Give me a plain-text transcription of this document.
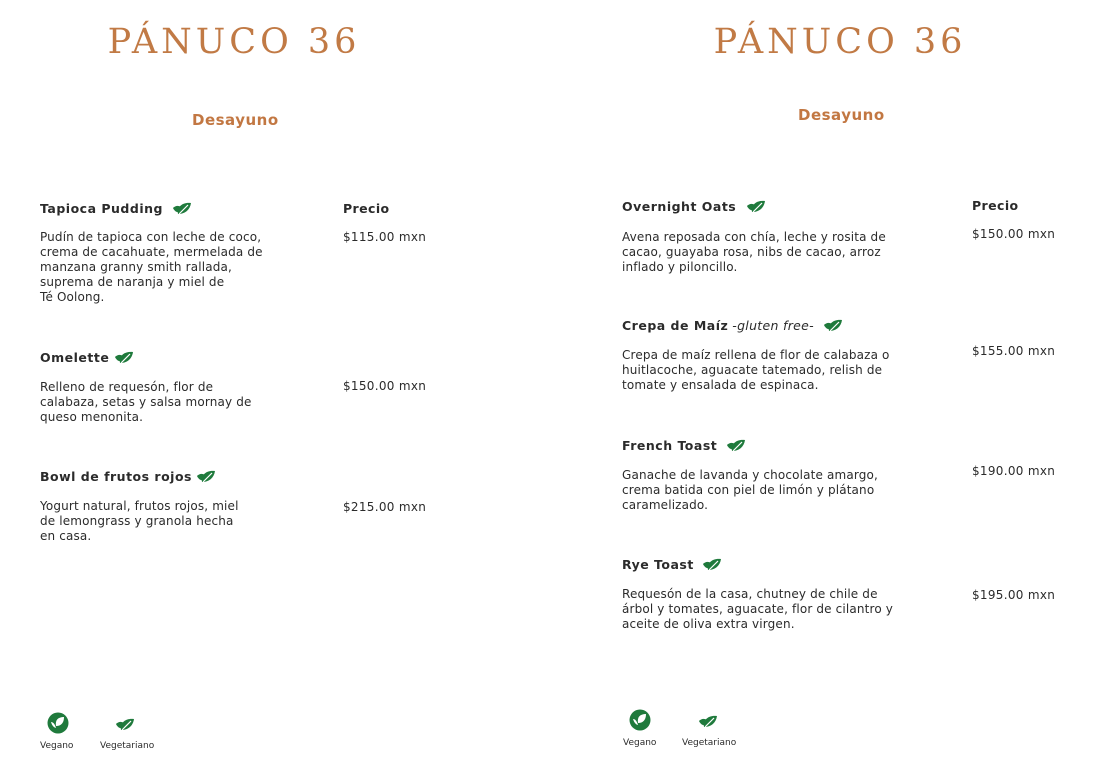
PÁNUCO 36
Desayuno
Precio
Tapioca Pudding
Pudín de tapioca con leche de coco,
crema de cacahuate, mermelada de
manzana granny smith rallada,
suprema de naranja y miel de
Té Oolong.
$115.00 mxn
Omelette
Relleno de requesón, flor de
calabaza, setas y salsa mornay de
queso menonita.
$150.00 mxn
Bowl de frutos rojos
Yogurt natural, frutos rojos, miel
de lemongrass y granola hecha
en casa.
$215.00 mxn
Vegano	Vegetariano
PÁNUCO 36
Desayuno
Precio
Overnight Oats
Avena reposada con chía, leche y rosita de
cacao, guayaba rosa, nibs de cacao, arroz
inflado y piloncillo.
$150.00 mxn
Crepa de Maíz -gluten free-
Crepa de maíz rellena de flor de calabaza o
huitlacoche, aguacate tatemado, relish de
tomate y ensalada de espinaca.
$155.00 mxn
French Toast
Ganache de lavanda y chocolate amargo,
crema batida con piel de limón y plátano
caramelizado.
$190.00 mxn
Rye Toast
Requesón de la casa, chutney de chile de
árbol y tomates, aguacate, flor de cilantro y
aceite de oliva extra virgen.
$195.00 mxn
Vegano	Vegetariano
